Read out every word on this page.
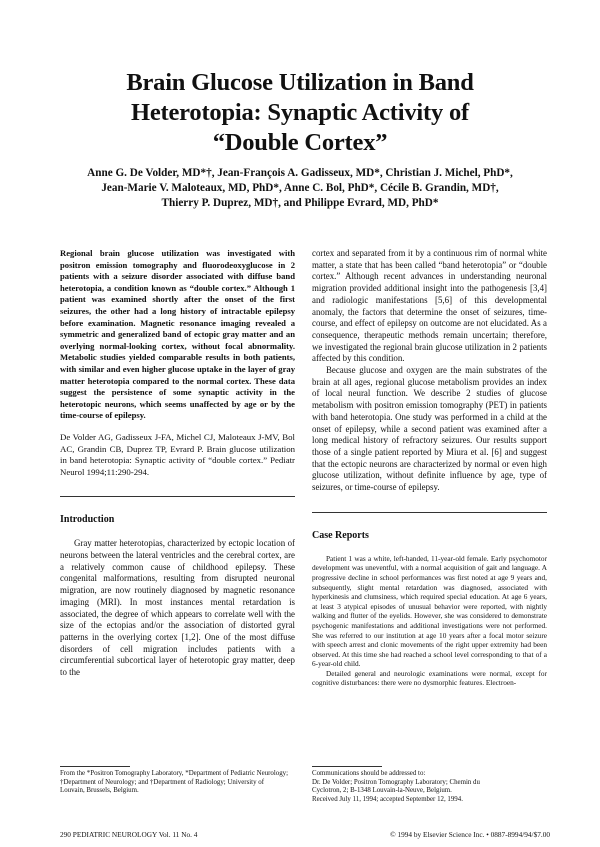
Brain Glucose Utilization in Band
Heterotopia: Synaptic Activity of
“Double Cortex”
Anne G. De Volder, MD*†, Jean-François A. Gadisseux, MD*, Christian J. Michel, PhD*,
Jean-Marie V. Maloteaux, MD, PhD*, Anne C. Bol, PhD*, Cécile B. Grandin, MD†,
Thierry P. Duprez, MD†, and Philippe Evrard, MD, PhD*

Regional brain glucose utilization was investigated with positron emission tomography and fluorodeoxyglucose in 2 patients with a seizure disorder associated with diffuse band heterotopia, a condition known as “double cortex.” Although 1 patient was examined shortly after the onset of the first seizures, the other had a long history of intractable epilepsy before examination. Magnetic resonance imaging revealed a symmetric and generalized band of ectopic gray matter and an overlying normal-looking cortex, without focal abnormality. Metabolic studies yielded comparable results in both patients, with similar and even higher glucose uptake in the layer of gray matter heterotopia compared to the normal cortex. These data suggest the persistence of some synaptic activity in the heterotopic neurons, which seems unaffected by age or by the time-course of epilepsy.

De Volder AG, Gadisseux J-FA, Michel CJ, Maloteaux J-MV, Bol AC, Grandin CB, Duprez TP, Evrard P. Brain glucose utilization in band heterotopia: Synaptic activity of “double cortex.” Pediatr Neurol 1994;11:290-294.

Introduction

Gray matter heterotopias, characterized by ectopic location of neurons between the lateral ventricles and the cerebral cortex, are a relatively common cause of childhood epilepsy. These congenital malformations, resulting from disrupted neuronal migration, are now routinely diagnosed by magnetic resonance imaging (MRI). In most instances mental retardation is associated, the degree of which appears to correlate well with the size of the ectopias and/or the association of distorted gyral patterns in the overlying cortex [1,2]. One of the most diffuse disorders of cell migration includes patients with a circumferential subcortical layer of heterotopic gray matter, deep to the

cortex and separated from it by a continuous rim of normal white matter, a state that has been called “band heterotopia” or “double cortex.” Although recent advances in understanding neuronal migration provided additional insight into the pathogenesis [3,4] and radiologic manifestations [5,6] of this developmental anomaly, the factors that determine the onset of seizures, time-course, and effect of epilepsy on outcome are not elucidated. As a consequence, therapeutic methods remain uncertain; therefore, we investigated the regional brain glucose utilization in 2 patients affected by this condition.

Because glucose and oxygen are the main substrates of the brain at all ages, regional glucose metabolism provides an index of local neural function. We describe 2 studies of glucose metabolism with positron emission tomography (PET) in patients with band heterotopia. One study was performed in a child at the onset of epilepsy, while a second patient was examined after a long medical history of refractory seizures. Our results support those of a single patient reported by Miura et al. [6] and suggest that the ectopic neurons are characterized by normal or even high glucose utilization, without definite influence by age, type of seizures, or time-course of epilepsy.

Case Reports

Patient 1 was a white, left-handed, 11-year-old female. Early psychomotor development was uneventful, with a normal acquisition of gait and language. A progressive decline in school performances was first noted at age 9 years and, subsequently, slight mental retardation was diagnosed, associated with hyperkinesis and clumsiness, which required special education. At age 6 years, at least 3 atypical episodes of unusual behavior were reported, with nightly walking and flutter of the eyelids. However, she was considered to demonstrate psychogenic manifestations and additional investigations were not performed. She was referred to our institution at age 10 years after a focal motor seizure with speech arrest and clonic movements of the right upper extremity had been observed. At this time she had reached a school level corresponding to that of a 6-year-old child.

Detailed general and neurologic examinations were normal, except for cognitive disturbances: there were no dysmorphic features. Electroen-

From the *Positron Tomography Laboratory, *Department of Pediatric Neurology; †Department of Neurology; and †Department of Radiology; University of Louvain, Brussels, Belgium.

Communications should be addressed to:

Dr. De Volder; Positron Tomography Laboratory; Chemin du

Cyclotron, 2; B-1348 Louvain-la-Neuve, Belgium.

Received July 11, 1994; accepted September 12, 1994.

290 PEDIATRIC NEUROLOGY Vol. 11 No. 4	© 1994 by Elsevier Science Inc. • 0887-8994/94/$7.00
